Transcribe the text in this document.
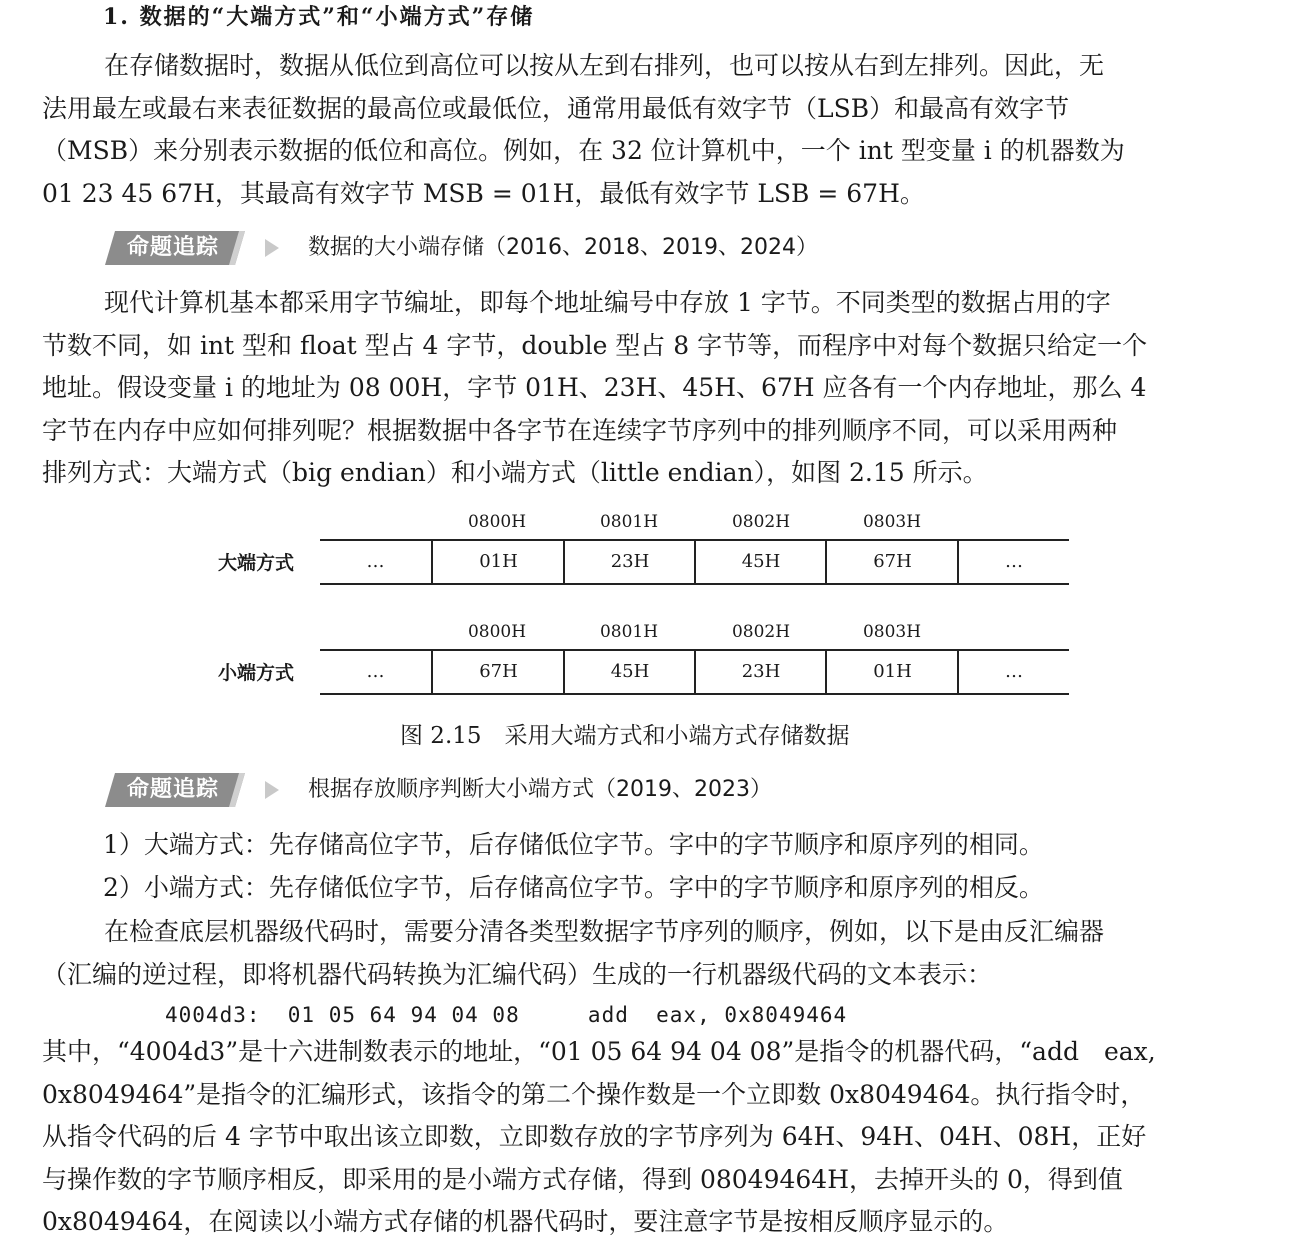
1. 数据的“大端方式”和“小端方式”存储
在存储数据时，数据从低位到高位可以按从左到右排列，也可以按从右到左排列。因此，无
法用最左或最右来表征数据的最高位或最低位，通常用最低有效字节（LSB）和最高有效字节
（MSB）来分别表示数据的低位和高位。例如，在 32 位计算机中，一个 int 型变量 i 的机器数为
01 23 45 67H，其最高有效字节 MSB = 01H，最低有效字节 LSB = 67H。
命题追踪	数据的大小端存储（2016、2018、2019、2024）
现代计算机基本都采用字节编址，即每个地址编号中存放 1 字节。不同类型的数据占用的字
节数不同，如 int 型和 float 型占 4 字节，double 型占 8 字节等，而程序中对每个数据只给定一个
地址。假设变量 i 的地址为 08 00H，字节 01H、23H、45H、67H 应各有一个内存地址，那么 4
字节在内存中应如何排列呢？根据数据中各字节在连续字节序列中的排列顺序不同，可以采用两种
排列方式：大端方式（big endian）和小端方式（little endian），如图 2.15 所示。
大端方式
0800H	0801H	0802H	0803H
…	01H	23H	45H	67H	…
小端方式
0800H	0801H	0802H	0803H
…	67H	45H	23H	01H	…
图 2.15　采用大端方式和小端方式存储数据
命题追踪	根据存放顺序判断大小端方式（2019、2023）
1）大端方式：先存储高位字节，后存储低位字节。字中的字节顺序和原序列的相同。
2）小端方式：先存储低位字节，后存储高位字节。字中的字节顺序和原序列的相反。
在检查底层机器级代码时，需要分清各类型数据字节序列的顺序，例如，以下是由反汇编器
（汇编的逆过程，即将机器代码转换为汇编代码）生成的一行机器级代码的文本表示：
4004d3:  01 05 64 94 04 08     add  eax, 0x8049464
其中，“4004d3”是十六进制数表示的地址，“01 05 64 94 04 08”是指令的机器代码，“add　eax,
0x8049464”是指令的汇编形式，该指令的第二个操作数是一个立即数 0x8049464。执行指令时，
从指令代码的后 4 字节中取出该立即数，立即数存放的字节序列为 64H、94H、04H、08H，正好
与操作数的字节顺序相反，即采用的是小端方式存储，得到 08049464H，去掉开头的 0，得到值
0x8049464，在阅读以小端方式存储的机器代码时，要注意字节是按相反顺序显示的。
